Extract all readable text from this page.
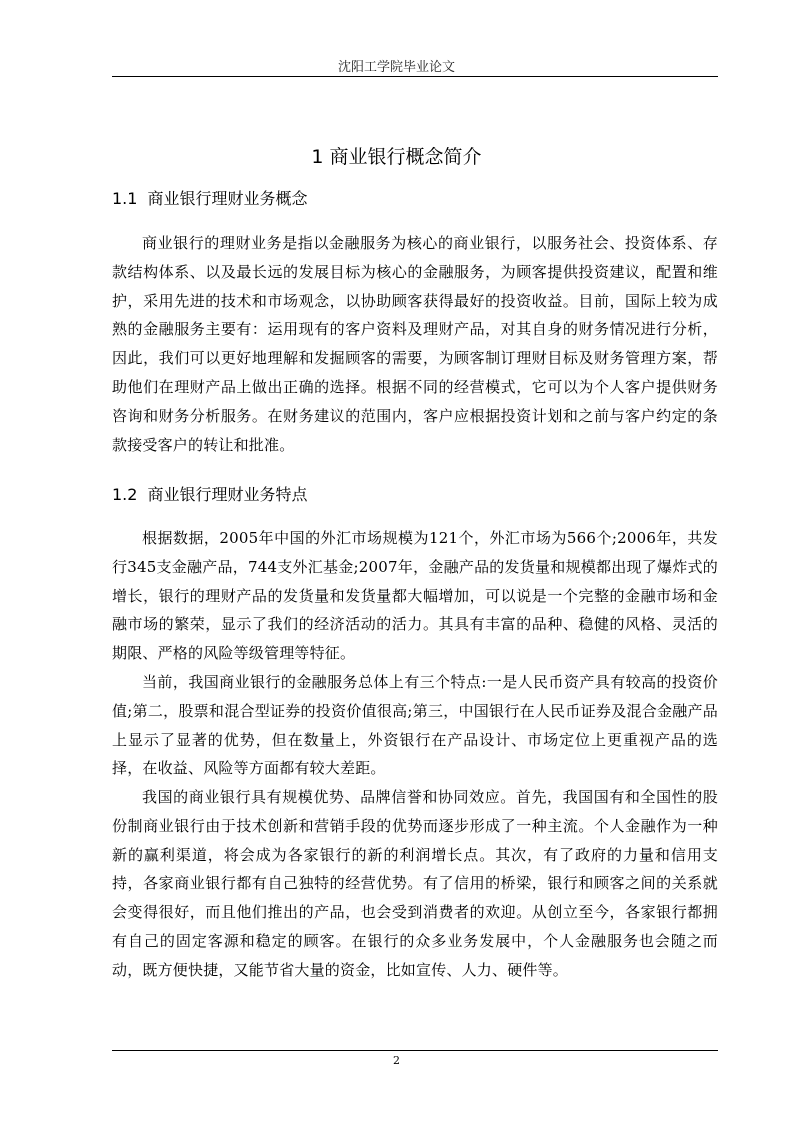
沈阳工学院毕业论文
1 商业银行概念简介
1.1 商业银行理财业务概念

商业银行的理财业务是指以金融服务为核心的商业银行，以服务社会、投资体系、存款结构体系、以及最长远的发展目标为核心的金融服务，为顾客提供投资建议，配置和维护，采用先进的技术和市场观念，以协助顾客获得最好的投资收益。目前，国际上较为成熟的金融服务主要有：运用现有的客户资料及理财产品，对其自身的财务情况进行分析，因此，我们可以更好地理解和发掘顾客的需要，为顾客制订理财目标及财务管理方案，帮助他们在理财产品上做出正确的选择。根据不同的经营模式，它可以为个人客户提供财务咨询和财务分析服务。在财务建议的范围内，客户应根据投资计划和之前与客户约定的条款接受客户的转让和批准。

1.2 商业银行理财业务特点

根据数据，2005年中国的外汇市场规模为121个，外汇市场为566个;2006年，共发行345支金融产品，744支外汇基金;2007年，金融产品的发货量和规模都出现了爆炸式的增长，银行的理财产品的发货量和发货量都大幅增加，可以说是一个完整的金融市场和金融市场的繁荣，显示了我们的经济活动的活力。其具有丰富的品种、稳健的风格、灵活的期限、严格的风险等级管理等特征。

当前，我国商业银行的金融服务总体上有三个特点:一是人民币资产具有较高的投资价值;第二，股票和混合型证券的投资价值很高;第三，中国银行在人民币证券及混合金融产品上显示了显著的优势，但在数量上，外资银行在产品设计、市场定位上更重视产品的选择，在收益、风险等方面都有较大差距。

我国的商业银行具有规模优势、品牌信誉和协同效应。首先，我国国有和全国性的股份制商业银行由于技术创新和营销手段的优势而逐步形成了一种主流。个人金融作为一种新的赢利渠道，将会成为各家银行的新的利润增长点。其次，有了政府的力量和信用支持，各家商业银行都有自己独特的经营优势。有了信用的桥梁，银行和顾客之间的关系就会变得很好，而且他们推出的产品，也会受到消费者的欢迎。从创立至今，各家银行都拥有自己的固定客源和稳定的顾客。在银行的众多业务发展中，个人金融服务也会随之而动，既方便快捷，又能节省大量的资金，比如宣传、人力、硬件等。

2
